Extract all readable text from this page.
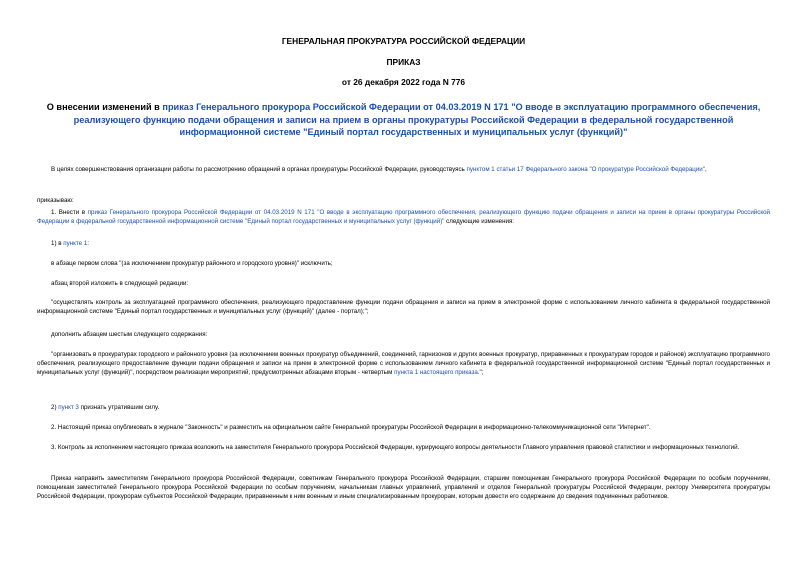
ГЕНЕРАЛЬНАЯ ПРОКУРАТУРА РОССИЙСКОЙ ФЕДЕРАЦИИ
ПРИКАЗ
от 26 декабря 2022 года N 776
О внесении изменений в приказ Генерального прокурора Российской Федерации от 04.03.2019 N 171 "О вводе в эксплуатацию программного обеспечения, реализующего функцию подачи обращения и записи на прием в органы прокуратуры Российской Федерации в федеральной государственной информационной системе "Единый портал государственных и муниципальных услуг (функций)"
В целях совершенствования организации работы по рассмотрению обращений в органах прокуратуры Российской Федерации, руководствуясь пунктом 1 статьи 17 Федерального закона "О прокуратуре Российской Федерации",
приказываю:
1. Внести в приказ Генерального прокурора Российской Федерации от 04.03.2019 N 171 "О вводе в эксплуатацию программного обеспечения, реализующего функцию подачи обращения и записи на прием в органы прокуратуры Российской Федерации в федеральной государственной информационной системе "Единый портал государственных и муниципальных услуг (функций)" следующие изменения:
1) в пункте 1:
в абзаце первом слова "(за исключением прокуратур районного и городского уровня)" исключить;
абзац второй изложить в следующей редакции:
"осуществлять контроль за эксплуатацией программного обеспечения, реализующего предоставление функции подачи обращения и записи на прием в электронной форме с использованием личного кабинета в федеральной государственной информационной системе "Единый портал государственных и муниципальных услуг (функций)" (далее - портал);";
дополнить абзацем шестым следующего содержания:
"организовать в прокуратурах городского и районного уровня (за исключением военных прокуратур объединений, соединений, гарнизонов и других военных прокуратур, приравненных к прокуратурам городов и районов) эксплуатацию программного обеспечения, реализующего предоставление функции подачи обращения и записи на прием в электронной форме с использованием личного кабинета в федеральной государственной информационной системе "Единый портал государственных и муниципальных услуг (функций)", посредством реализации мероприятий, предусмотренных абзацами вторым - четвертым пункта 1 настоящего приказа.";
2) пункт 3 признать утратившим силу.
2. Настоящий приказ опубликовать в журнале "Законность" и разместить на официальном сайте Генеральной прокуратуры Российской Федерации в информационно-телекоммуникационной сети "Интернет".
3. Контроль за исполнением настоящего приказа возложить на заместителя Генерального прокурора Российской Федерации, курирующего вопросы деятельности Главного управления правовой статистики и информационных технологий.
Приказ направить заместителям Генерального прокурора Российской Федерации, советникам Генерального прокурора Российской Федерации, старшим помощникам Генерального прокурора Российской Федерации по особым поручениям, помощникам заместителей Генерального прокурора Российской Федерации по особым поручениям, начальникам главных управлений, управлений и отделов Генеральной прокуратуры Российской Федерации, ректору Университета прокуратуры Российской Федерации, прокурорам субъектов Российской Федерации, приравненным к ним военным и иным специализированным прокурорам, которым довести его содержание до сведения подчиненных работников.
